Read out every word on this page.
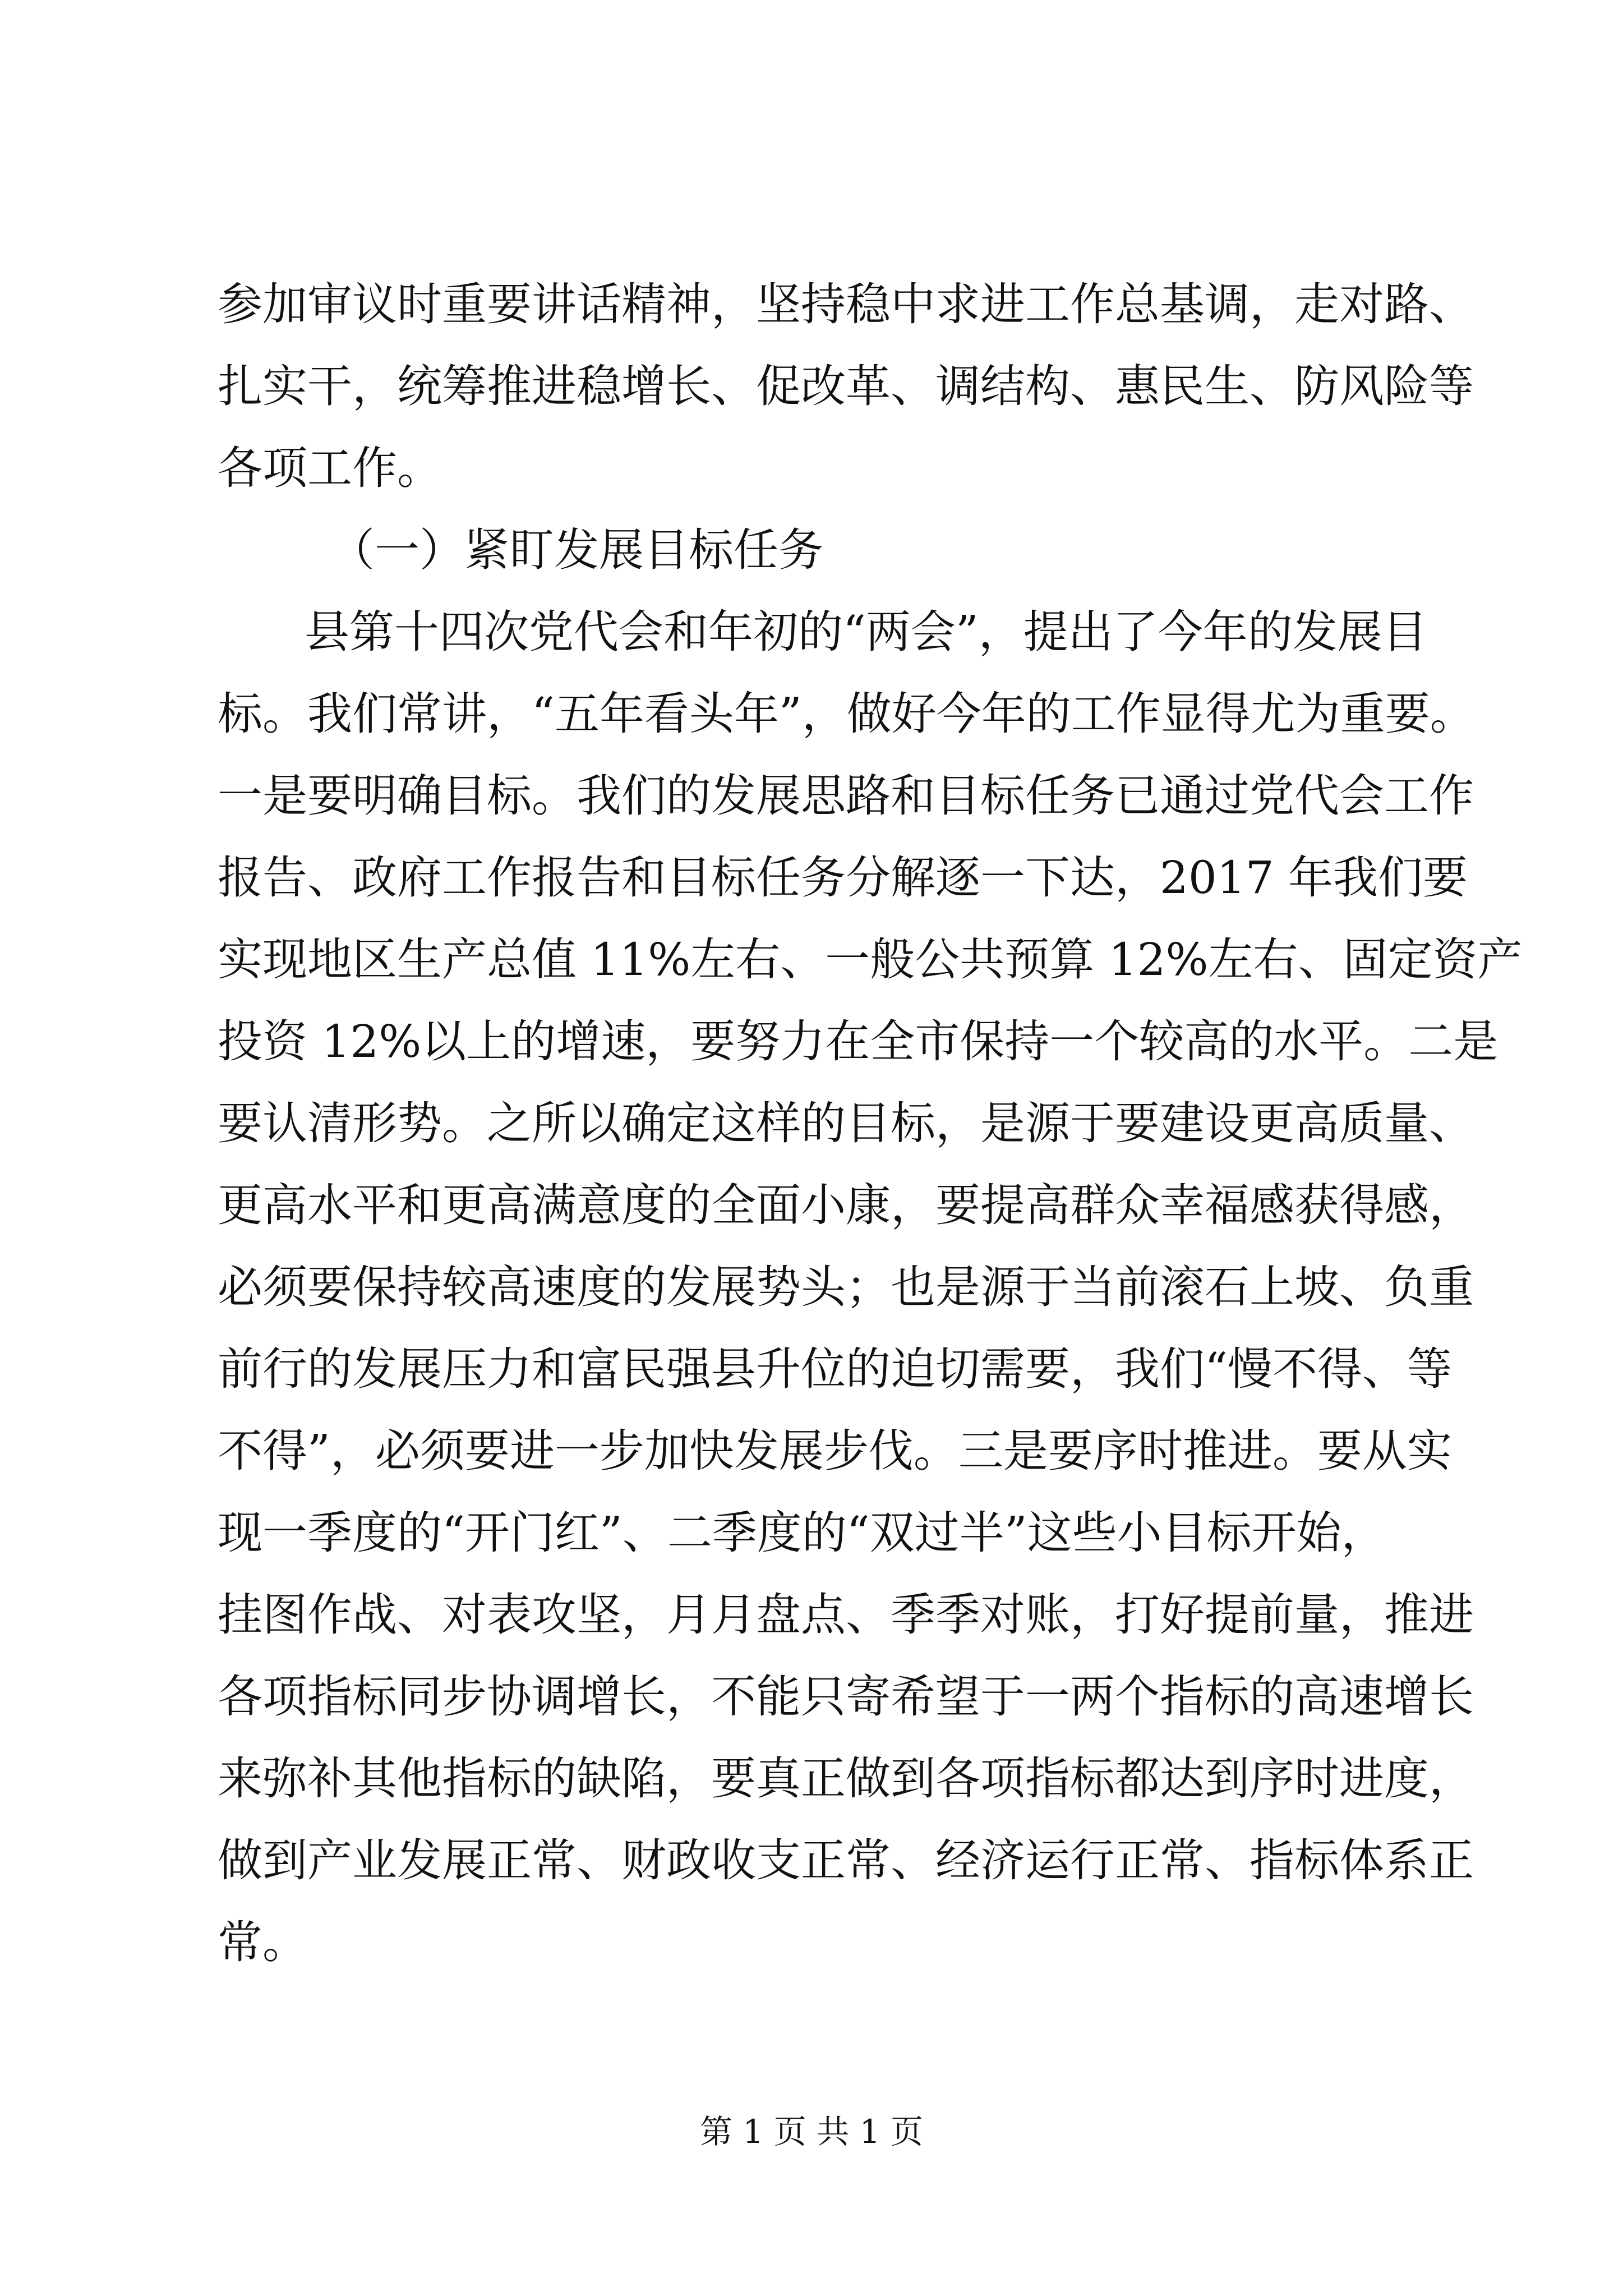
参加审议时重要讲话精神，坚持稳中求进工作总基调，走对路、
扎实干，统筹推进稳增长、促改革、调结构、惠民生、防风险等
各项工作。
（一）紧盯发展目标任务
县第十四次党代会和年初的“两会”，提出了今年的发展目
标。我们常讲，“五年看头年”，做好今年的工作显得尤为重要。
一是要明确目标。我们的发展思路和目标任务已通过党代会工作
报告、政府工作报告和目标任务分解逐一下达，2017 年我们要
实现地区生产总值 11%左右、一般公共预算 12%左右、固定资产
投资 12%以上的增速，要努力在全市保持一个较高的水平。二是
要认清形势。之所以确定这样的目标，是源于要建设更高质量、
更高水平和更高满意度的全面小康，要提高群众幸福感获得感，
必须要保持较高速度的发展势头；也是源于当前滚石上坡、负重
前行的发展压力和富民强县升位的迫切需要，我们“慢不得、等
不得”，必须要进一步加快发展步伐。三是要序时推进。要从实
现一季度的“开门红”、二季度的“双过半”这些小目标开始，
挂图作战、对表攻坚，月月盘点、季季对账，打好提前量，推进
各项指标同步协调增长，不能只寄希望于一两个指标的高速增长
来弥补其他指标的缺陷，要真正做到各项指标都达到序时进度，
做到产业发展正常、财政收支正常、经济运行正常、指标体系正
常。
第 1 页 共 1 页
